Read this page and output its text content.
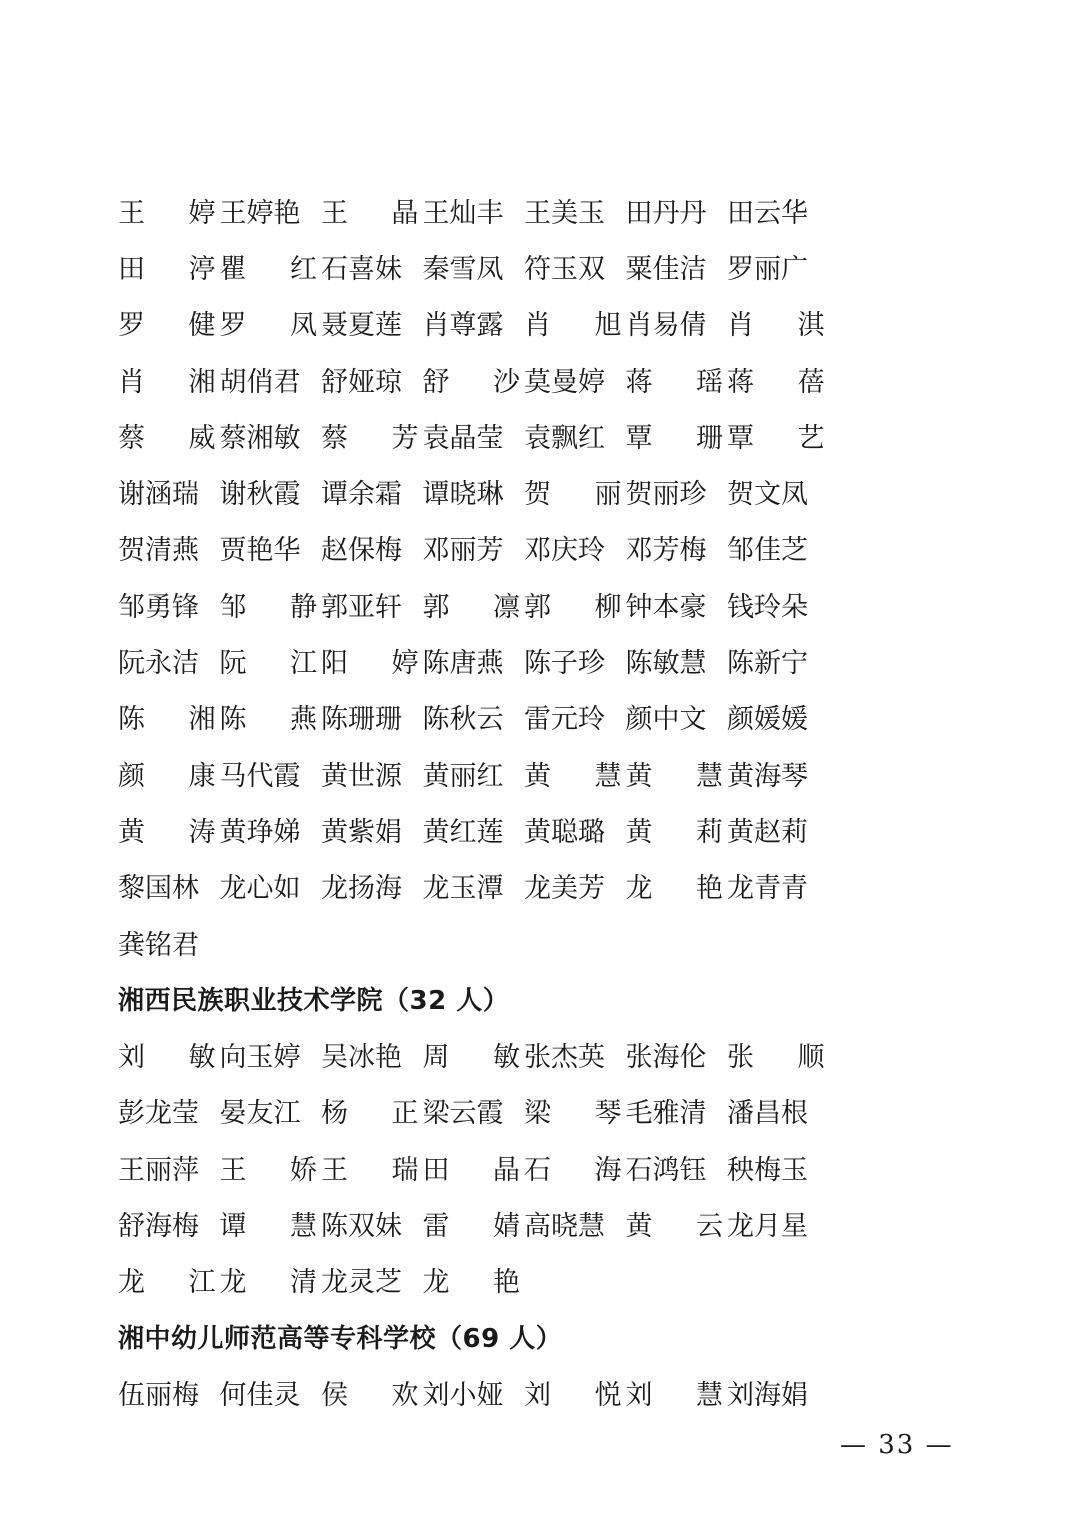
王 婷 王婷艳 王 晶 王灿丰 王美玉 田丹丹 田云华
田 渟 瞿 红 石喜妹 秦雪凤 符玉双 粟佳洁 罗丽广
罗 健 罗 凤 聂夏莲 肖尊露 肖 旭 肖易倩 肖 淇
肖 湘 胡俏君 舒娅琼 舒 沙 莫曼婷 蒋 瑶 蒋 蓓
蔡 威 蔡湘敏 蔡 芳 袁晶莹 袁飘红 覃 珊 覃 艺
谢涵瑞 谢秋霞 谭余霜 谭晓琳 贺 丽 贺丽珍 贺文凤
贺清燕 贾艳华 赵保梅 邓丽芳 邓庆玲 邓芳梅 邹佳芝
邹勇锋 邹 静 郭亚轩 郭 凛 郭 柳 钟本豪 钱玲朵
阮永洁 阮 江 阳 婷 陈唐燕 陈子珍 陈敏慧 陈新宁
陈 湘 陈 燕 陈珊珊 陈秋云 雷元玲 颜中文 颜媛媛
颜 康 马代霞 黄世源 黄丽红 黄 慧 黄 慧 黄海琴
黄 涛 黄琤娣 黄紫娟 黄红莲 黄聪璐 黄 莉 黄赵莉
黎国林 龙心如 龙扬海 龙玉潭 龙美芳 龙 艳 龙青青
龚铭君
湘西民族职业技术学院（32 人）
刘 敏 向玉婷 吴冰艳 周 敏 张杰英 张海伦 张 顺
彭龙莹 晏友江 杨 正 梁云霞 梁 琴 毛雅清 潘昌根
王丽萍 王 娇 王 瑞 田 晶 石 海 石鸿钰 秧梅玉
舒海梅 谭 慧 陈双妹 雷 婧 高晓慧 黄 云 龙月星
龙 江 龙 清 龙灵芝 龙 艳
湘中幼儿师范高等专科学校（69 人）
伍丽梅 何佳灵 侯 欢 刘小娅 刘 悦 刘 慧 刘海娟
— 33 —
